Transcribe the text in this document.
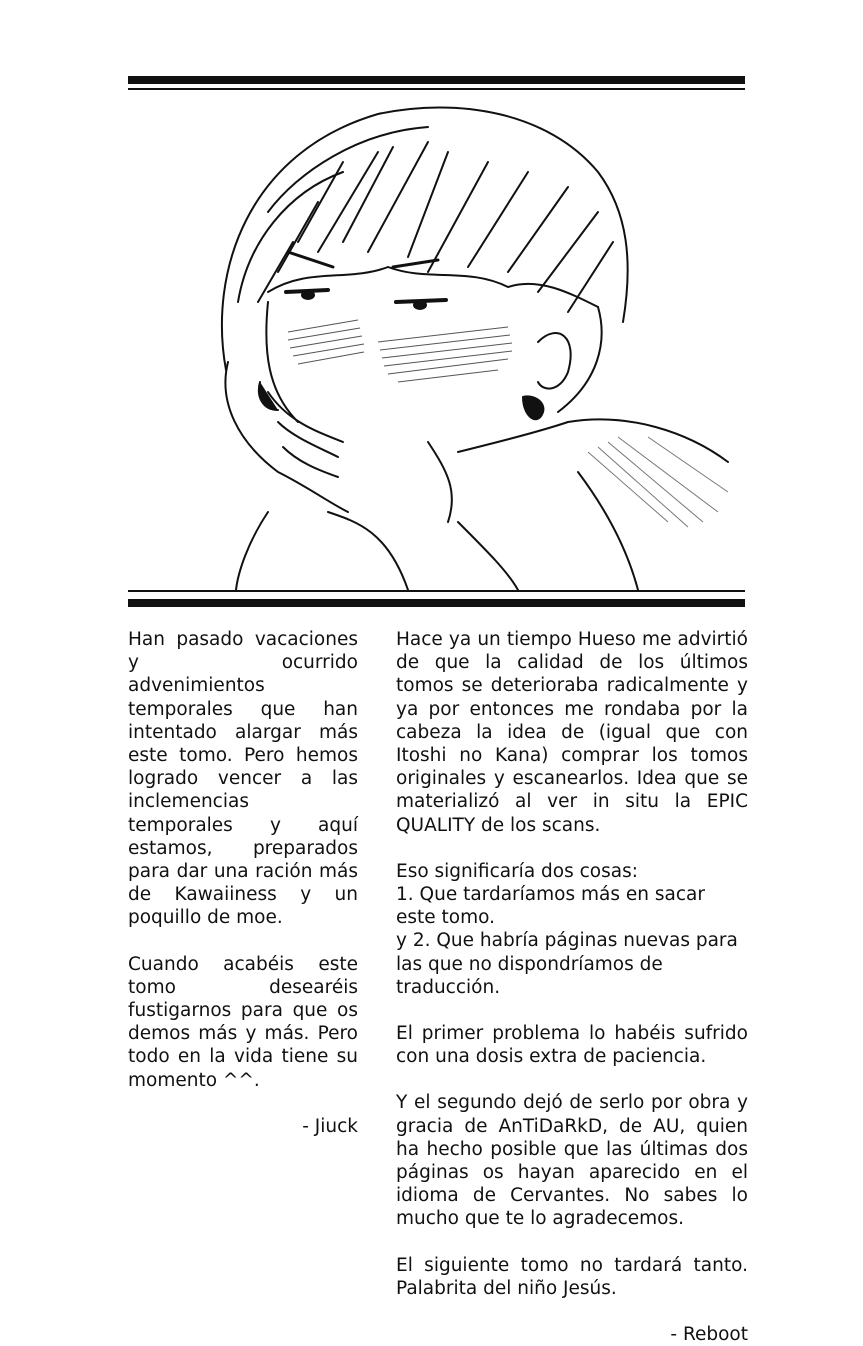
Han pasado vacaciones y ocurrido advenimientos temporales que han intentado alargar más este tomo. Pero hemos logrado vencer a las inclemencias temporales y aquí estamos, preparados para dar una ración más de Kawaiiness y un poquillo de moe.

Cuando acabéis este tomo desearéis fustigarnos para que os demos más y más. Pero todo en la vida tiene su momento ^^.

- Jiuck

Hace ya un tiempo Hueso me advirtió de que la calidad de los últimos tomos se deterioraba radicalmente y ya por entonces me rondaba por la cabeza la idea de (igual que con Itoshi no Kana) comprar los tomos originales y escanearlos. Idea que se materializó al ver in situ la EPIC QUALITY de los scans.

Eso significaría dos cosas:
1. Que tardaríamos más en sacar este tomo.
y 2. Que habría páginas nuevas para las que no dispondríamos de traducción.

El primer problema lo habéis sufrido con una dosis extra de paciencia.

Y el segundo dejó de serlo por obra y gracia de AnTiDaRkD, de AU, quien ha hecho posible que las últimas dos páginas os hayan aparecido en el idioma de Cervantes. No sabes lo mucho que te lo agradecemos.

El siguiente tomo no tardará tanto. Palabrita del niño Jesús.

- Reboot
